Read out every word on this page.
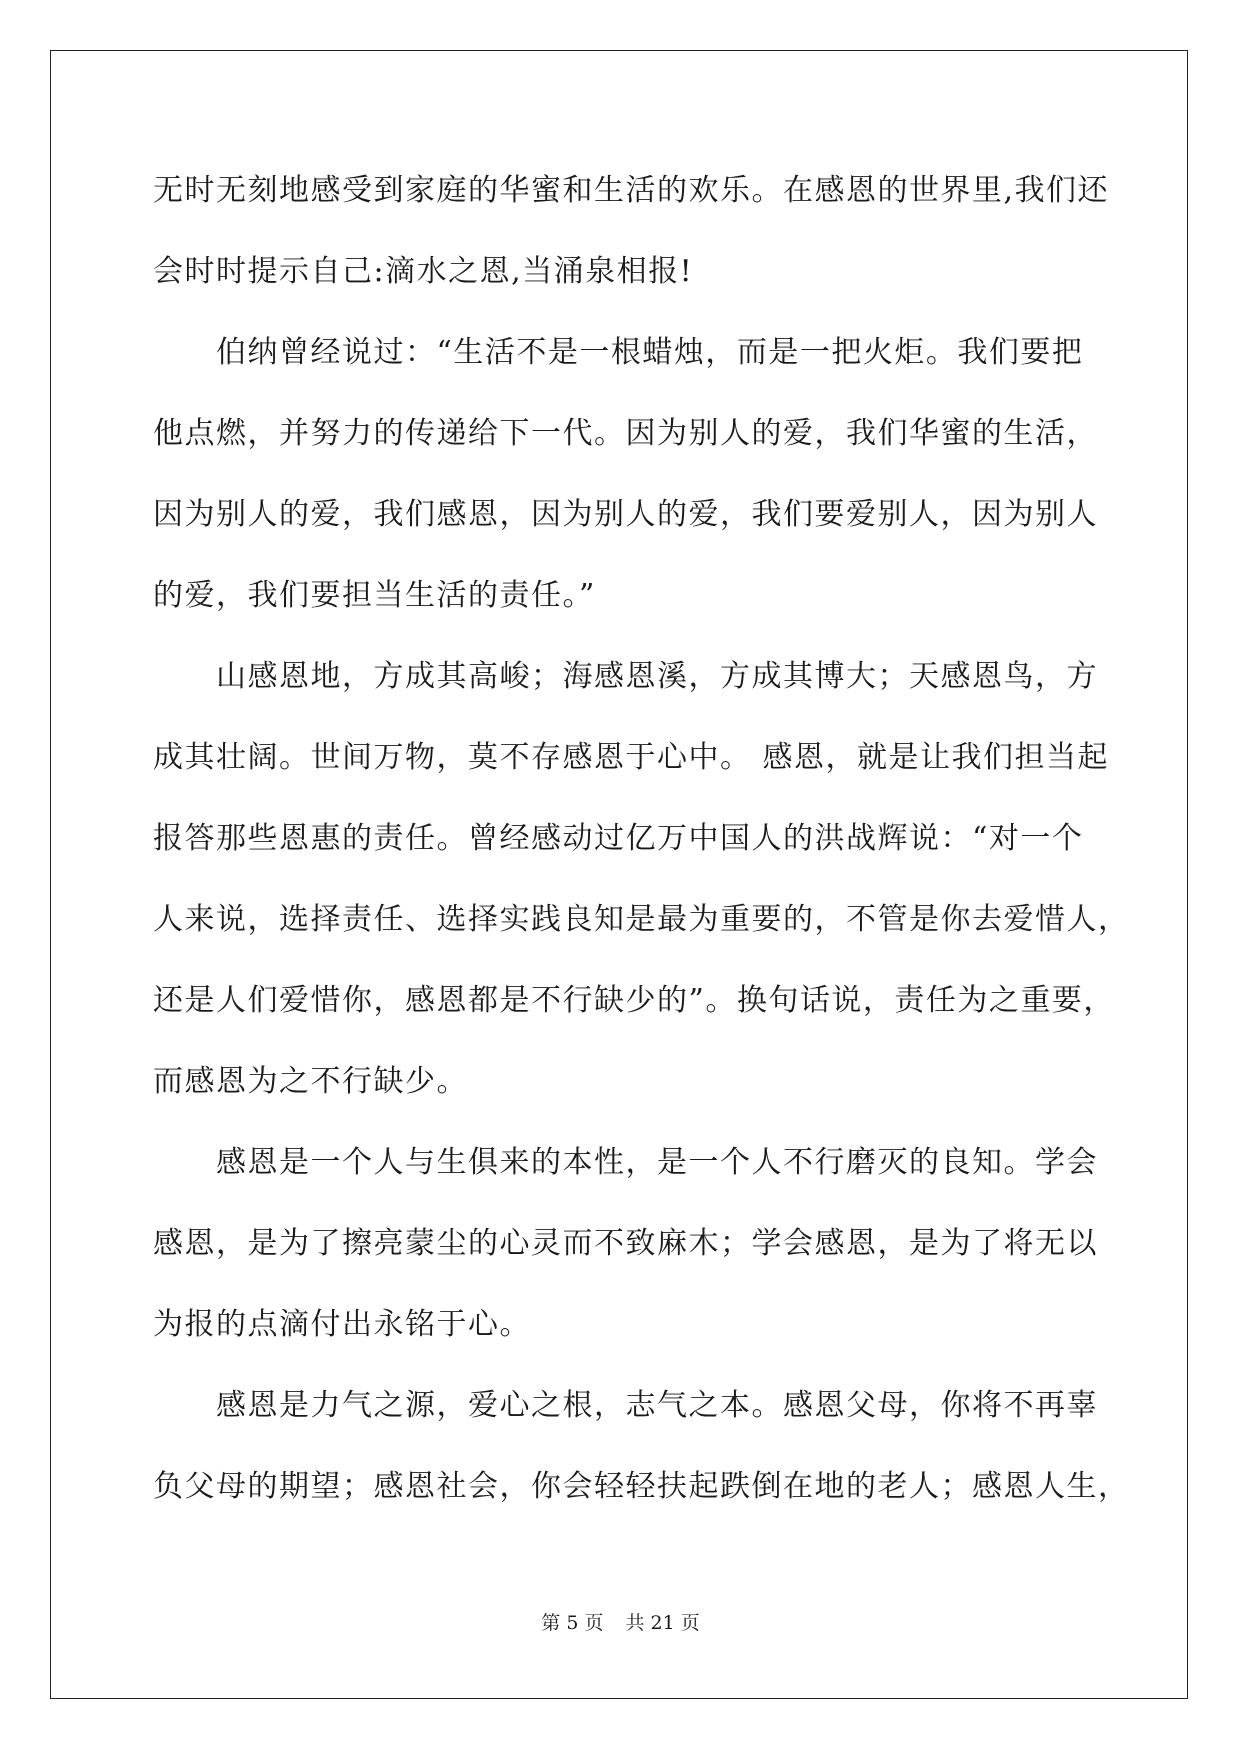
无时无刻地感受到家庭的华蜜和生活的欢乐。在感恩的世界里,我们还
会时时提示自己:滴水之恩,当涌泉相报!
　　伯纳曾经说过：“生活不是一根蜡烛，而是一把火炬。我们要把
他点燃，并努力的传递给下一代。因为别人的爱，我们华蜜的生活，
因为别人的爱，我们感恩，因为别人的爱，我们要爱别人，因为别人
的爱，我们要担当生活的责任。”
　　山感恩地，方成其高峻；海感恩溪，方成其博大；天感恩鸟，方
成其壮阔。世间万物，莫不存感恩于心中。 感恩，就是让我们担当起
报答那些恩惠的责任。曾经感动过亿万中国人的洪战辉说：“对一个
人来说，选择责任、选择实践良知是最为重要的，不管是你去爱惜人，
还是人们爱惜你，感恩都是不行缺少的”。换句话说，责任为之重要，
而感恩为之不行缺少。
　　感恩是一个人与生俱来的本性，是一个人不行磨灭的良知。学会
感恩，是为了擦亮蒙尘的心灵而不致麻木；学会感恩，是为了将无以
为报的点滴付出永铭于心。
　　感恩是力气之源，爱心之根，志气之本。感恩父母，你将不再辜
负父母的期望；感恩社会，你会轻轻扶起跌倒在地的老人；感恩人生，
第 5 页 共 21 页
